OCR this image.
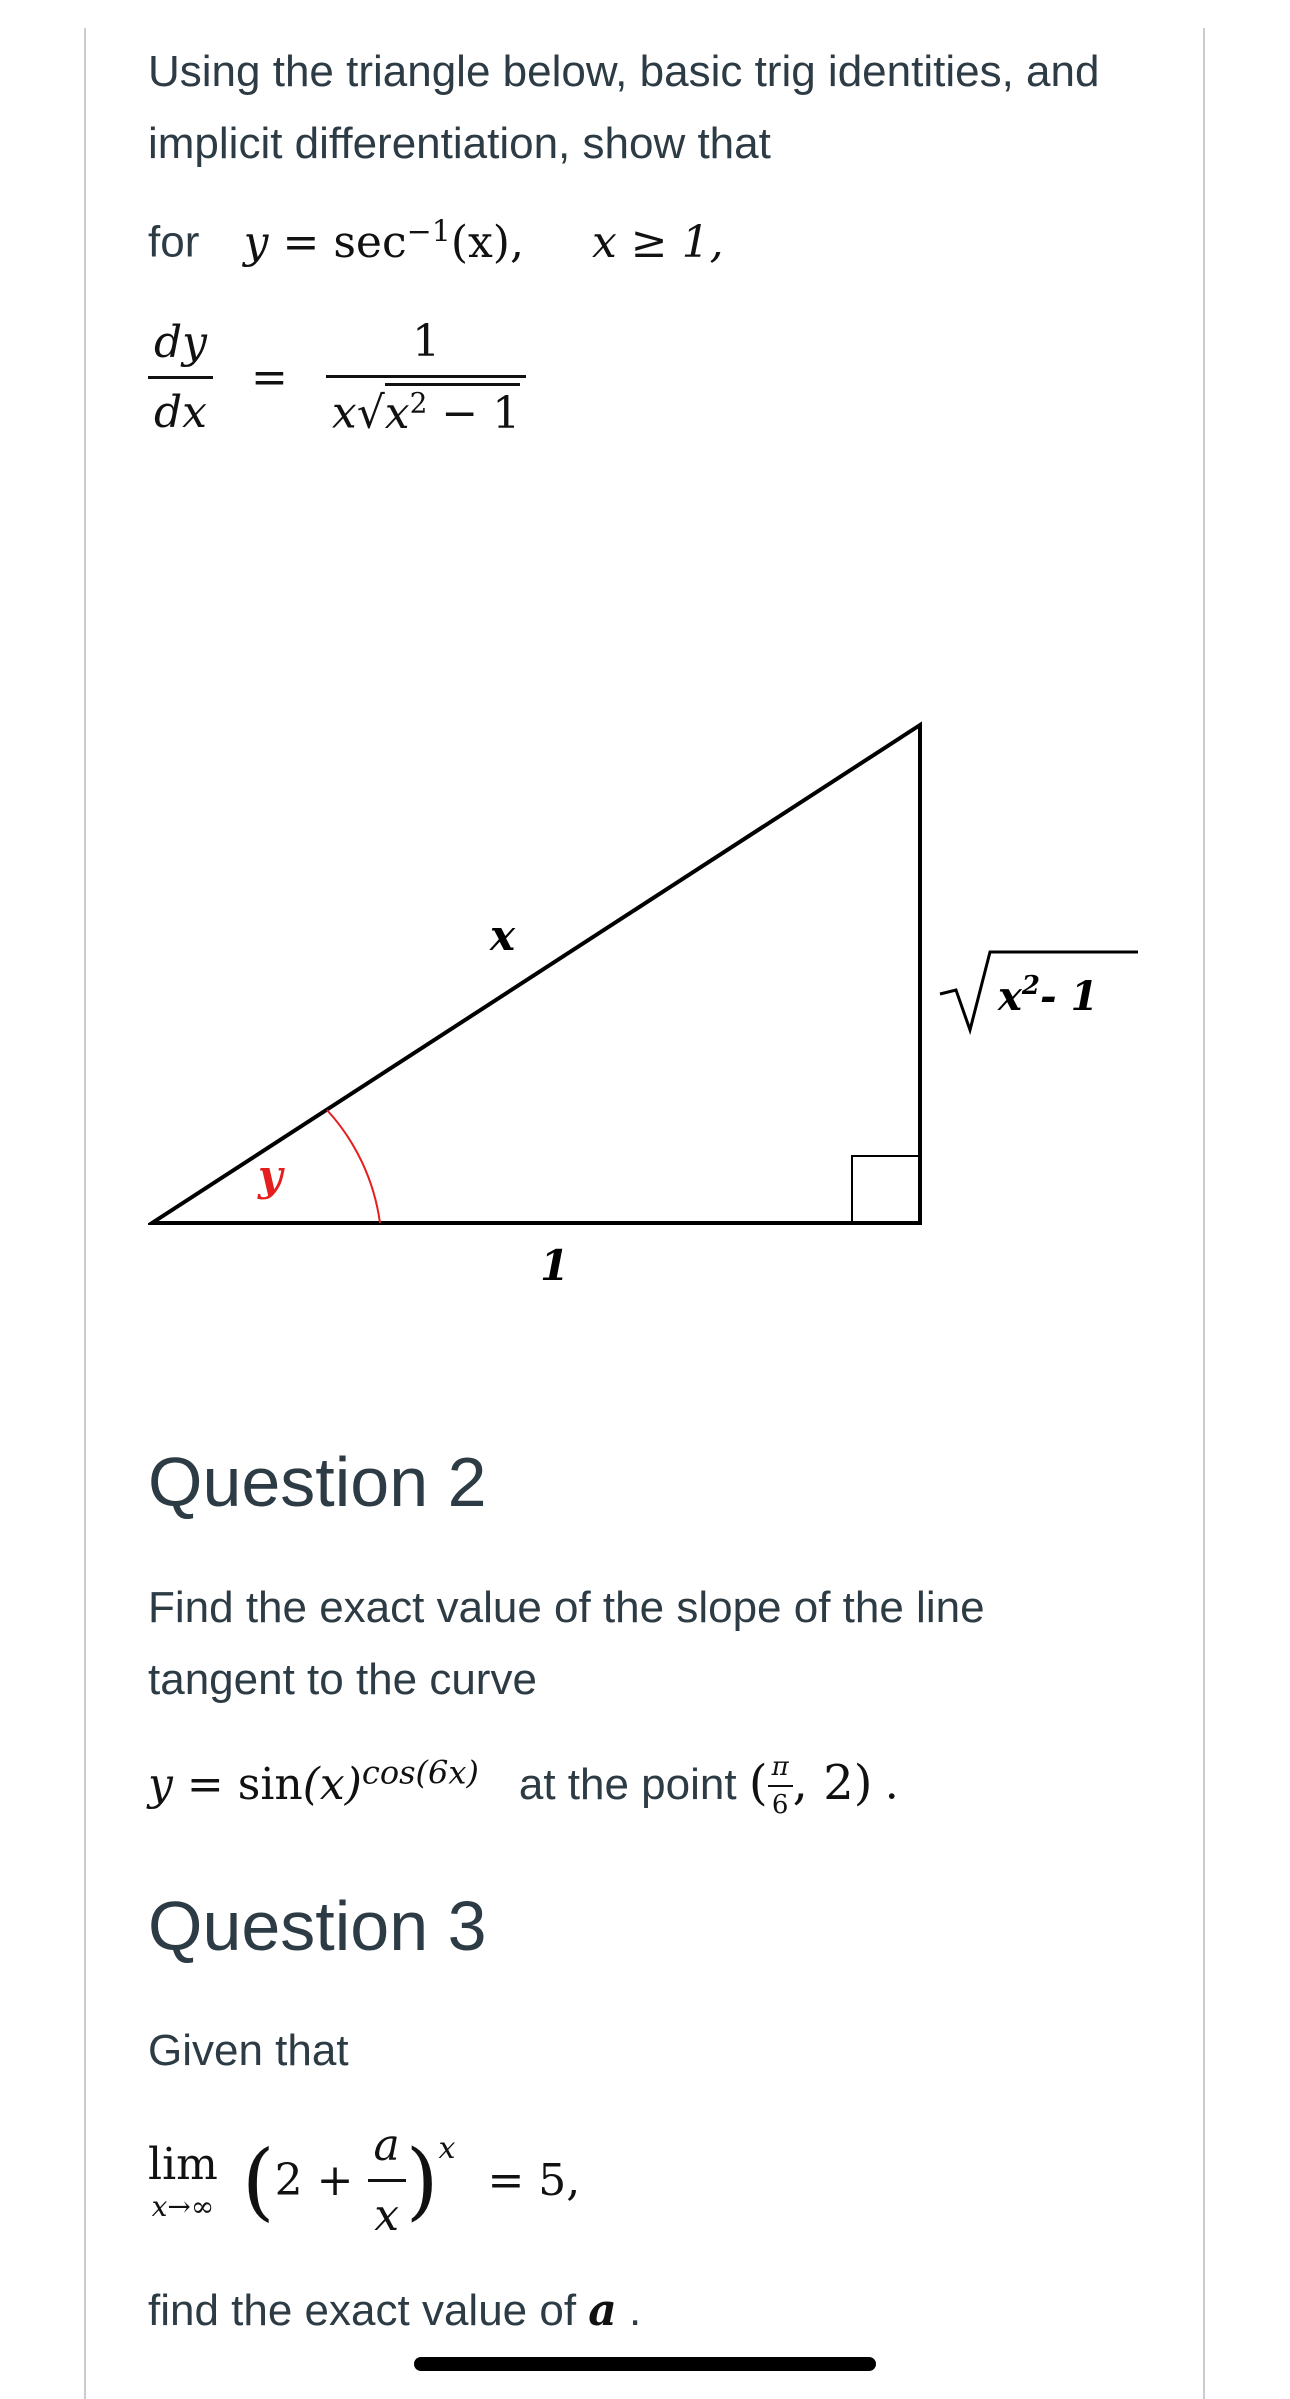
Using the triangle below, basic trig identities, and implicit differentiation, show that

for $y = \sec^{-1}(x)$, x ≥ 1,
$\frac{dy}{dx} = \frac{1}{x√x^2 - 1}$
x
1
y
$x^2-$ 1
Question 2

Find the exact value of the slope of the line tangent to the curve

$y = \sin(x)^{cos(6x)}$ at the point ( $\frac{\pi}{6}$ , 2) .
Question 3

Given that

lim
x→∞ $(2 + \frac{a}{x} )^x = 5$,

find the exact value of a .
